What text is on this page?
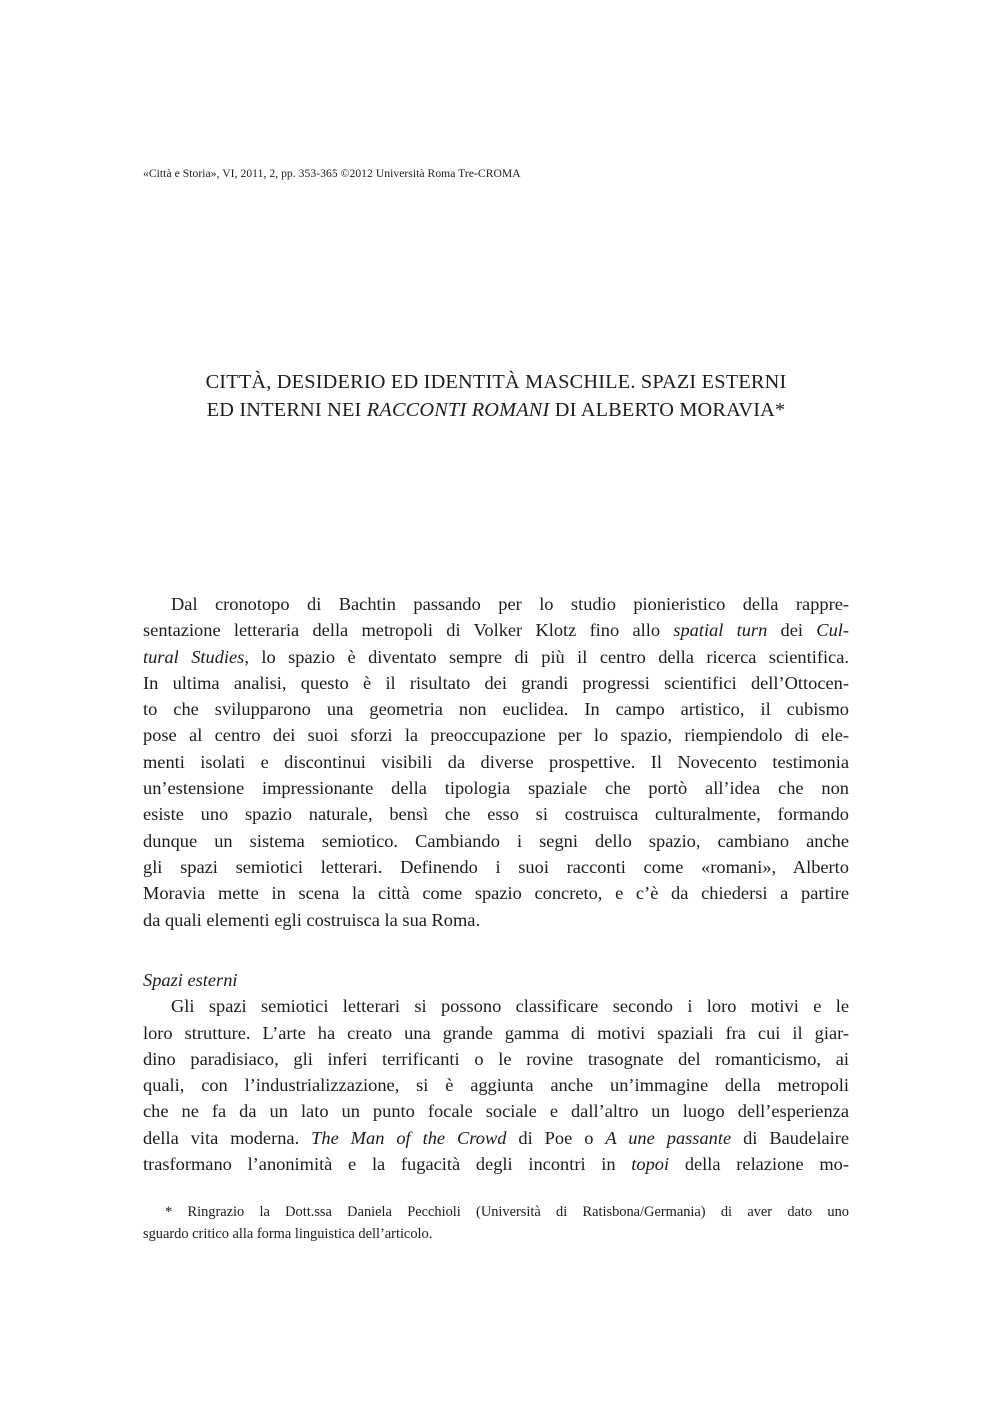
«Città e Storia», VI, 2011, 2, pp. 353-365 ©2012 Università Roma Tre-CROMA
CITTÀ, DESIDERIO ED IDENTITÀ MASCHILE. SPAZI ESTERNI
ED INTERNI NEI RACCONTI ROMANI DI ALBERTO MORAVIA*
Dal cronotopo di Bachtin passando per lo studio pionieristico della rappre-
sentazione letteraria della metropoli di Volker Klotz fino allo spatial turn dei Cul-
tural Studies, lo spazio è diventato sempre di più il centro della ricerca scientifica.
In ultima analisi, questo è il risultato dei grandi progressi scientifici dell’Ottocen-
to che svilupparono una geometria non euclidea. In campo artistico, il cubismo
pose al centro dei suoi sforzi la preoccupazione per lo spazio, riempiendolo di ele-
menti isolati e discontinui visibili da diverse prospettive. Il Novecento testimonia
un’estensione impressionante della tipologia spaziale che portò all’idea che non
esiste uno spazio naturale, bensì che esso si costruisca culturalmente, formando
dunque un sistema semiotico. Cambiando i segni dello spazio, cambiano anche
gli spazi semiotici letterari. Definendo i suoi racconti come «romani», Alberto
Moravia mette in scena la città come spazio concreto, e c’è da chiedersi a partire
da quali elementi egli costruisca la sua Roma.
Spazi esterni
Gli spazi semiotici letterari si possono classificare secondo i loro motivi e le
loro strutture. L’arte ha creato una grande gamma di motivi spaziali fra cui il giar-
dino paradisiaco, gli inferi terrificanti o le rovine trasognate del romanticismo, ai
quali, con l’industrializzazione, si è aggiunta anche un’immagine della metropoli
che ne fa da un lato un punto focale sociale e dall’altro un luogo dell’esperienza
della vita moderna. The Man of the Crowd di Poe o A une passante di Baudelaire
trasformano l’anonimità e la fugacità degli incontri in topoi della relazione mo-
* Ringrazio la Dott.ssa Daniela Pecchioli (Università di Ratisbona/Germania) di aver dato uno
sguardo critico alla forma linguistica dell’articolo.
